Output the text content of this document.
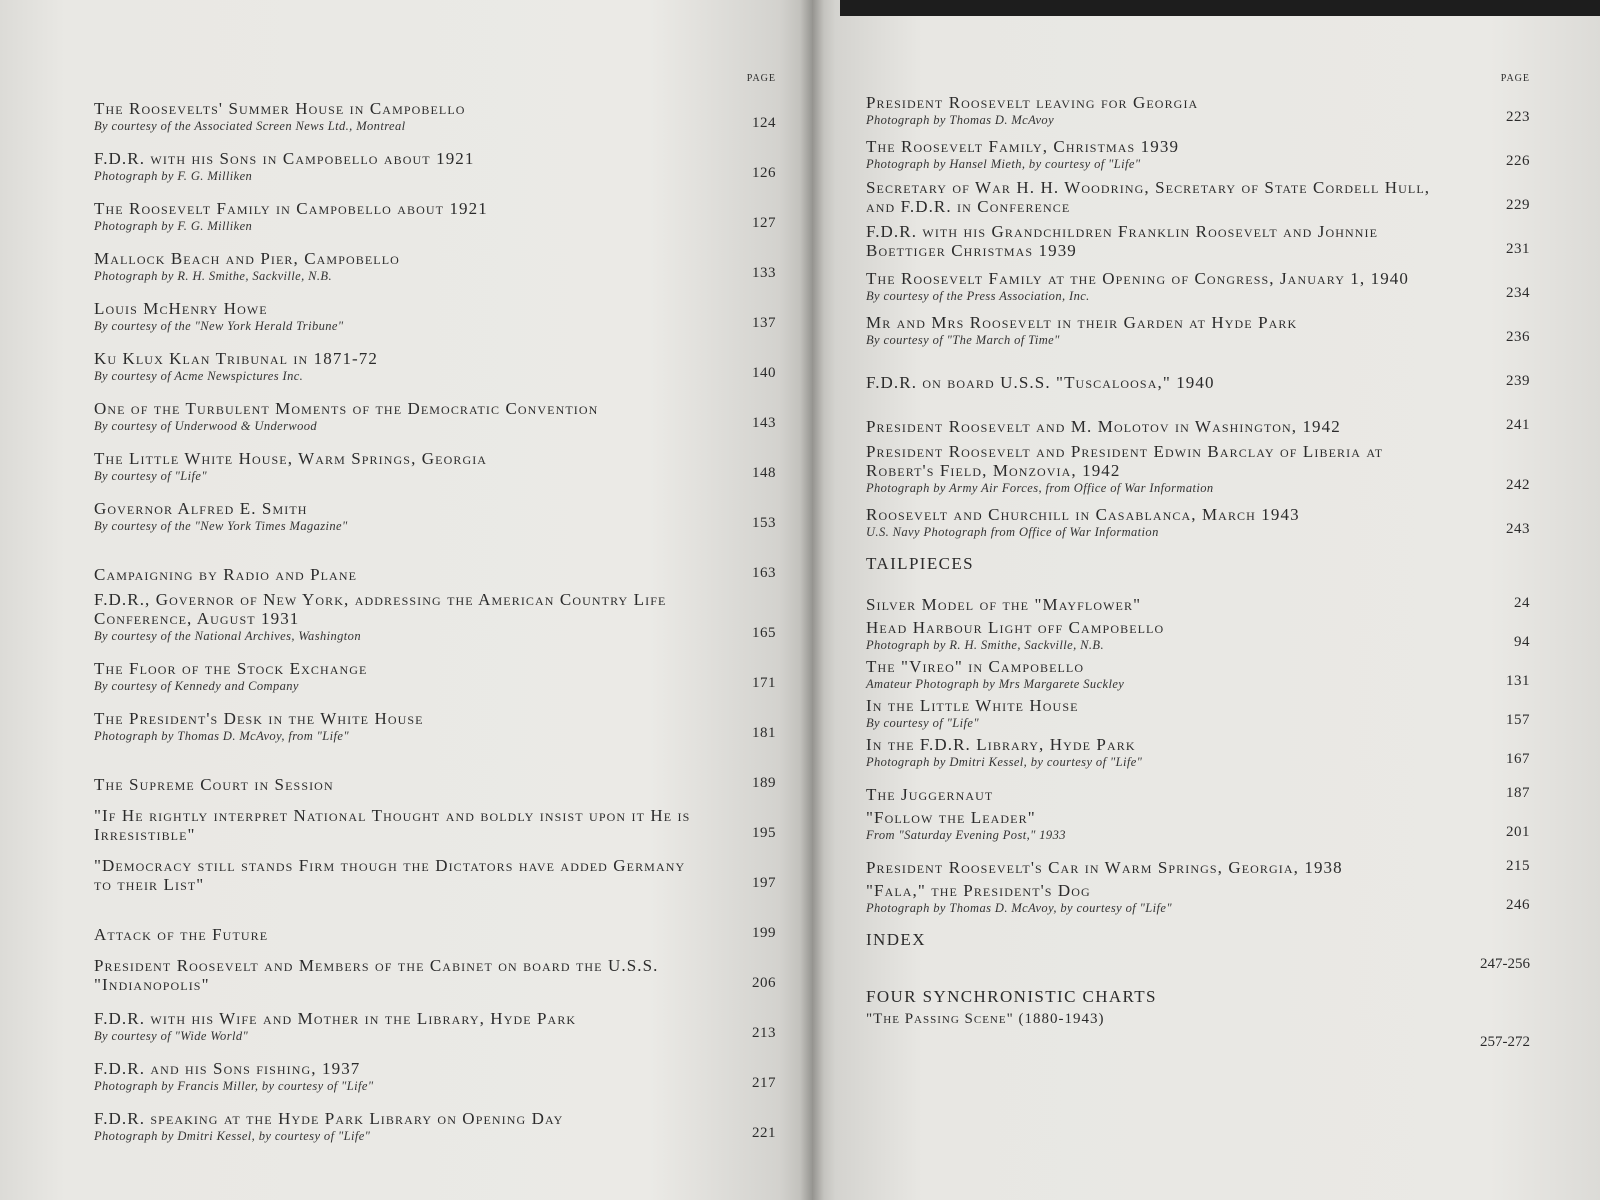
page
The Roosevelts' Summer House in Campobello
By courtesy of the Associated Screen News Ltd., Montreal	124
F.D.R. with his Sons in Campobello about 1921
Photograph by F. G. Milliken	126
The Roosevelt Family in Campobello about 1921
Photograph by F. G. Milliken	127
Mallock Beach and Pier, Campobello
Photograph by R. H. Smithe, Sackville, N.B.	133
Louis McHenry Howe
By courtesy of the "New York Herald Tribune"	137
Ku Klux Klan Tribunal in 1871-72
By courtesy of Acme Newspictures Inc.	140
One of the Turbulent Moments of the Democratic Convention
By courtesy of Underwood & Underwood	143
The Little White House, Warm Springs, Georgia
By courtesy of "Life"	148
Governor Alfred E. Smith
By courtesy of the "New York Times Magazine"	153
Campaigning by Radio and Plane	163
F.D.R., Governor of New York, addressing the American Country Life Conference, August 1931
By courtesy of the National Archives, Washington	165
The Floor of the Stock Exchange
By courtesy of Kennedy and Company	171
The President's Desk in the White House
Photograph by Thomas D. McAvoy, from "Life"	181
The Supreme Court in Session	189
"If He rightly interpret National Thought and boldly insist upon it He is Irresistible"	195
"Democracy still stands Firm though the Dictators have added Germany to their List"	197
Attack of the Future	199
President Roosevelt and Members of the Cabinet on board the U.S.S. "Indianopolis"	206
F.D.R. with his Wife and Mother in the Library, Hyde Park
By courtesy of "Wide World"	213
F.D.R. and his Sons fishing, 1937
Photograph by Francis Miller, by courtesy of "Life"	217
F.D.R. speaking at the Hyde Park Library on Opening Day
Photograph by Dmitri Kessel, by courtesy of "Life"	221
page
President Roosevelt leaving for Georgia
Photograph by Thomas D. McAvoy	223
The Roosevelt Family, Christmas 1939
Photograph by Hansel Mieth, by courtesy of "Life"	226
Secretary of War H. H. Woodring, Secretary of State Cordell Hull, and F.D.R. in Conference	229
F.D.R. with his Grandchildren Franklin Roosevelt and Johnnie Boettiger Christmas 1939	231
The Roosevelt Family at the Opening of Congress, January 1, 1940
By courtesy of the Press Association, Inc.	234
Mr and Mrs Roosevelt in their Garden at Hyde Park
By courtesy of "The March of Time"	236
F.D.R. on board U.S.S. "Tuscaloosa," 1940	239
President Roosevelt and M. Molotov in Washington, 1942	241
President Roosevelt and President Edwin Barclay of Liberia at Robert's Field, Monzovia, 1942
Photograph by Army Air Forces, from Office of War Information	242
Roosevelt and Churchill in Casablanca, March 1943
U.S. Navy Photograph from Office of War Information	243
TAILPIECES
Silver Model of the "Mayflower"	24
Head Harbour Light off Campobello
Photograph by R. H. Smithe, Sackville, N.B.	94
The "Vireo" in Campobello
Amateur Photograph by Mrs Margarete Suckley	131
In the Little White House
By courtesy of "Life"	157
In the F.D.R. Library, Hyde Park
Photograph by Dmitri Kessel, by courtesy of "Life"	167
The Juggernaut	187
"Follow the Leader"
From "Saturday Evening Post," 1933	201
President Roosevelt's Car in Warm Springs, Georgia, 1938	215
"Fala," the President's Dog
Photograph by Thomas D. McAvoy, by courtesy of "Life"	246
INDEX
247-256
FOUR SYNCHRONISTIC CHARTS
"The Passing Scene" (1880-1943)
257-272
